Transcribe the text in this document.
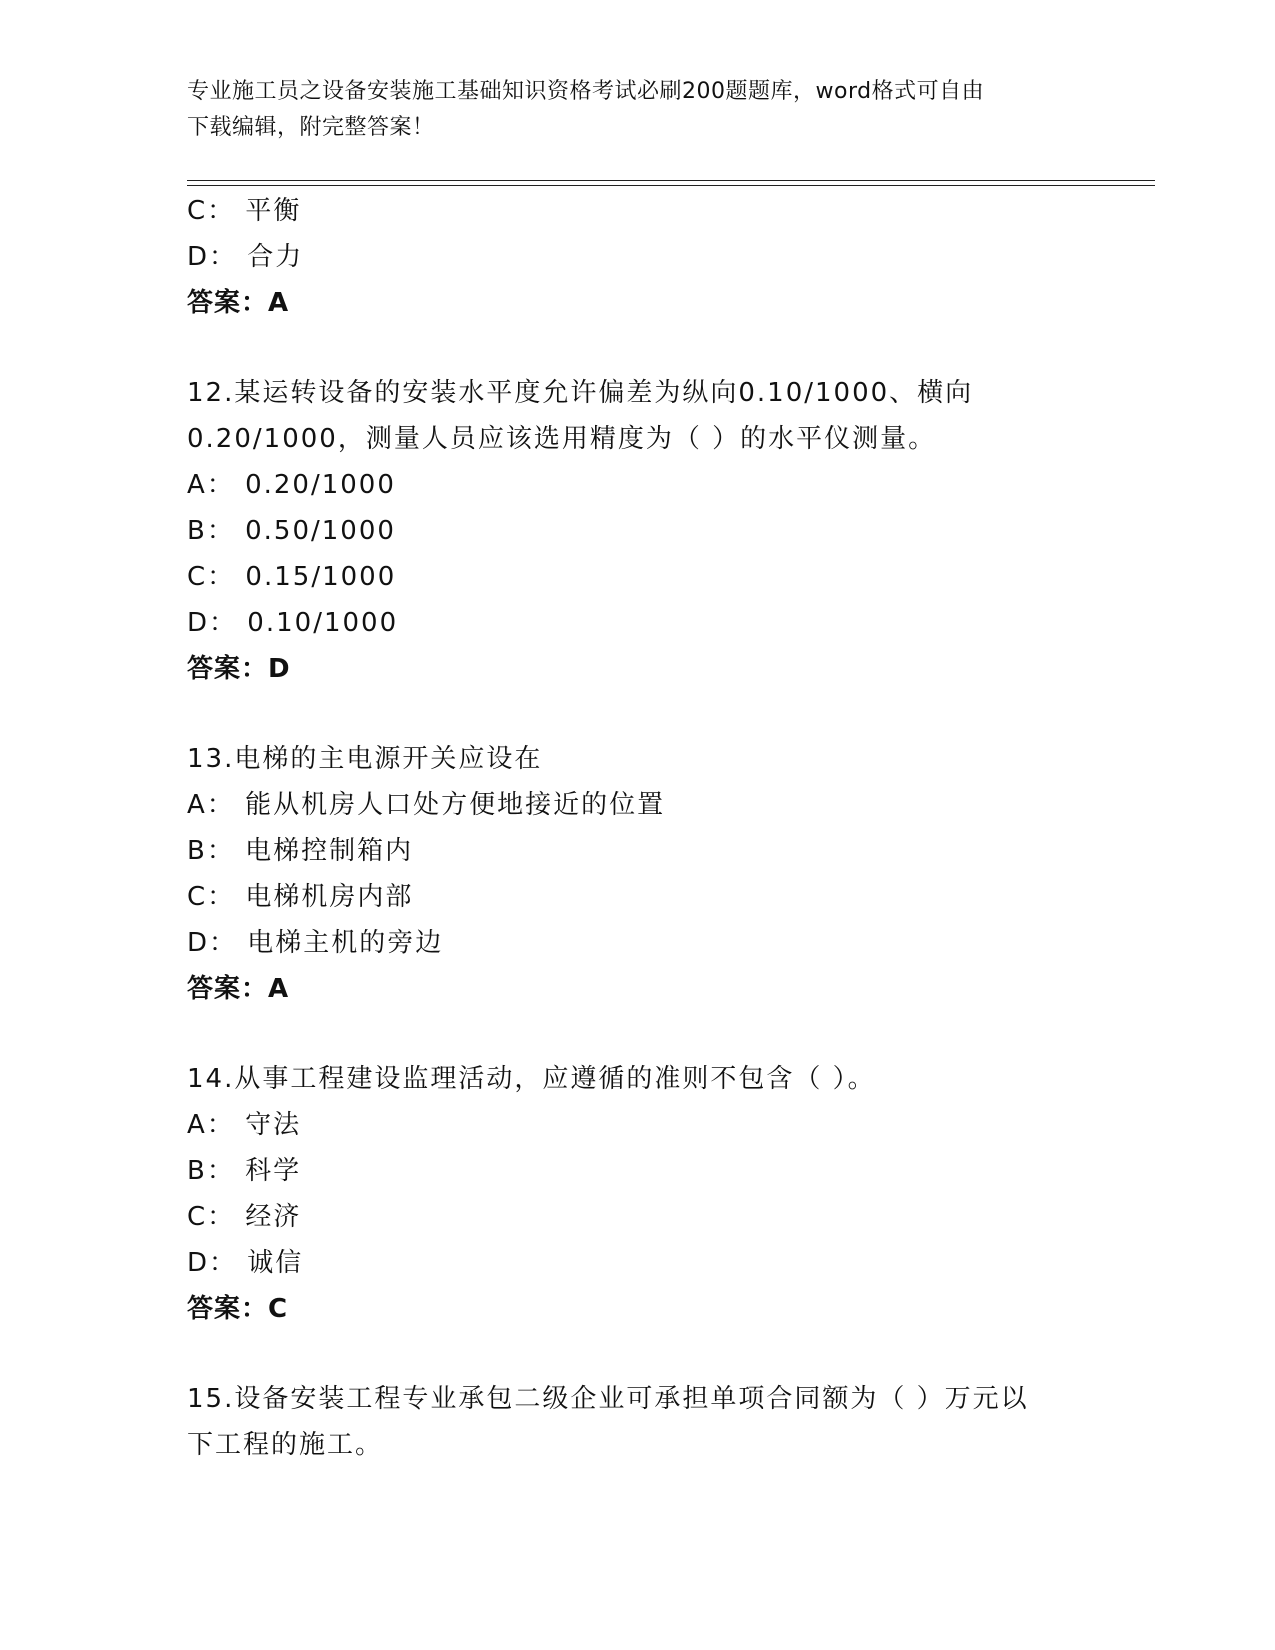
专业施工员之设备安装施工基础知识资格考试必刷200题题库，word格式可自由
下载编辑，附完整答案！
C： 平衡
D： 合力
答案：A
12.某运转设备的安装水平度允许偏差为纵向0.10/1000、横向
0.20/1000，测量人员应该选用精度为（ ）的水平仪测量。
A： 0.20/1000
B： 0.50/1000
C： 0.15/1000
D： 0.10/1000
答案：D
13.电梯的主电源开关应设在
A： 能从机房人口处方便地接近的位置
B： 电梯控制箱内
C： 电梯机房内部
D： 电梯主机的旁边
答案：A
14.从事工程建设监理活动，应遵循的准则不包含（ ）。
A： 守法
B： 科学
C： 经济
D： 诚信
答案：C
15.设备安装工程专业承包二级企业可承担单项合同额为（ ）万元以
下工程的施工。
